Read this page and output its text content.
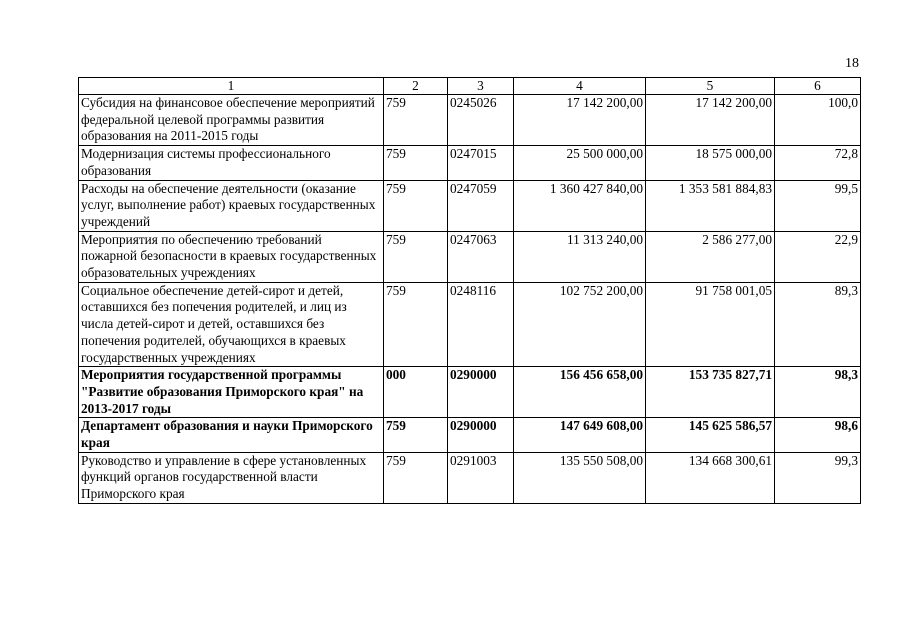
18
1	2	3	4	5	6
Субсидия на финансовое обеспечение мероприятий федеральной целевой программы развития образования на 2011-2015 годы	759	0245026	17 142 200,00	17 142 200,00	100,0
Модернизация системы профессионального образования	759	0247015	25 500 000,00	18 575 000,00	72,8
Расходы на обеспечение деятельности (оказание услуг, выполнение работ) краевых государственных учреждений	759	0247059	1 360 427 840,00	1 353 581 884,83	99,5
Мероприятия по обеспечению требований пожарной безопасности в краевых государственных образовательных учреждениях	759	0247063	11 313 240,00	2 586 277,00	22,9
Социальное обеспечение детей-сирот и детей, оставшихся без попечения родителей, и лиц из числа детей-сирот и детей, оставшихся без попечения родителей, обучающихся в краевых государственных учреждениях	759	0248116	102 752 200,00	91 758 001,05	89,3
Мероприятия государственной программы "Развитие образования Приморского края" на 2013-2017 годы	000	0290000	156 456 658,00	153 735 827,71	98,3
Департамент образования и науки Приморского края	759	0290000	147 649 608,00	145 625 586,57	98,6
Руководство и управление в сфере установленных функций органов государственной власти Приморского края	759	0291003	135 550 508,00	134 668 300,61	99,3
